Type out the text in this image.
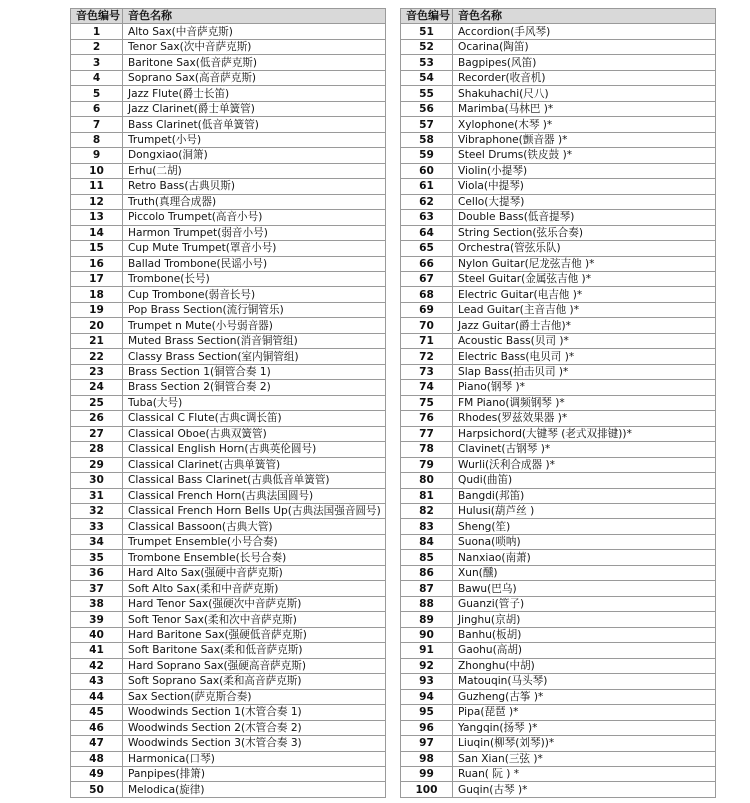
音色编号	音色名称
1	Alto Sax(中音萨克斯)
2	Tenor Sax(次中音萨克斯)
3	Baritone Sax(低音萨克斯)
4	Soprano Sax(高音萨克斯)
5	Jazz Flute(爵士长笛)
6	Jazz Clarinet(爵士单簧管)
7	Bass Clarinet(低音单簧管)
8	Trumpet(小号)
9	Dongxiao(洞箫)
10	Erhu(二胡)
11	Retro Bass(古典贝斯)
12	Truth(真理合成器)
13	Piccolo Trumpet(高音小号)
14	Harmon Trumpet(弱音小号)
15	Cup Mute Trumpet(罩音小号)
16	Ballad Trombone(民谣小号)
17	Trombone(长号)
18	Cup Trombone(弱音长号)
19	Pop Brass Section(流行铜管乐)
20	Trumpet n Mute(小号弱音器)
21	Muted Brass Section(消音铜管组)
22	Classy Brass Section(室内铜管组)
23	Brass Section 1(铜管合奏 1)
24	Brass Section 2(铜管合奏 2)
25	Tuba(大号)
26	Classical C Flute(古典c调长笛)
27	Classical Oboe(古典双簧管)
28	Classical English Horn(古典英伦圆号)
29	Classical Clarinet(古典单簧管)
30	Classical Bass Clarinet(古典低音单簧管)
31	Classical French Horn(古典法国圆号)
32	Classical French Horn Bells Up(古典法国强音圆号)
33	Classical Bassoon(古典大管)
34	Trumpet Ensemble(小号合奏)
35	Trombone Ensemble(长号合奏)
36	Hard Alto Sax(强硬中音萨克斯)
37	Soft Alto Sax(柔和中音萨克斯)
38	Hard Tenor Sax(强硬次中音萨克斯)
39	Soft Tenor Sax(柔和次中音萨克斯)
40	Hard Baritone Sax(强硬低音萨克斯)
41	Soft Baritone Sax(柔和低音萨克斯)
42	Hard Soprano Sax(强硬高音萨克斯)
43	Soft Soprano Sax(柔和高音萨克斯)
44	Sax Section(萨克斯合奏)
45	Woodwinds Section 1(木管合奏 1)
46	Woodwinds Section 2(木管合奏 2)
47	Woodwinds Section 3(木管合奏 3)
48	Harmonica(口琴)
49	Panpipes(排箫)
50	Melodica(旋律)
音色编号	音色名称
51	Accordion(手风琴)
52	Ocarina(陶笛)
53	Bagpipes(风笛)
54	Recorder(收音机)
55	Shakuhachi(尺八)
56	Marimba(马林巴 )*
57	Xylophone(木琴 )*
58	Vibraphone(颤音器 )*
59	Steel Drums(铁皮鼓 )*
60	Violin(小提琴)
61	Viola(中提琴)
62	Cello(大提琴)
63	Double Bass(低音提琴)
64	String Section(弦乐合奏)
65	Orchestra(管弦乐队)
66	Nylon Guitar(尼龙弦吉他 )*
67	Steel Guitar(金属弦吉他 )*
68	Electric Guitar(电吉他 )*
69	Lead Guitar(主音吉他 )*
70	Jazz Guitar(爵士吉他)*
71	Acoustic Bass(贝司 )*
72	Electric Bass(电贝司 )*
73	Slap Bass(拍击贝司 )*
74	Piano(钢琴 )*
75	FM Piano(调频钢琴 )*
76	Rhodes(罗兹效果器 )*
77	Harpsichord(大键琴 (老式双排键))*
78	Clavinet(古钢琴 )*
79	Wurli(沃利合成器 )*
80	Qudi(曲笛)
81	Bangdi(邦笛)
82	Hulusi(葫芦丝 )
83	Sheng(笙)
84	Suona(唢呐)
85	Nanxiao(南萧)
86	Xun(醺)
87	Bawu(巴乌)
88	Guanzi(管子)
89	Jinghu(京胡)
90	Banhu(板胡)
91	Gaohu(高胡)
92	Zhonghu(中胡)
93	Matouqin(马头琴)
94	Guzheng(古筝 )*
95	Pipa(琵琶 )*
96	Yangqin(扬琴 )*
97	Liuqin(柳琴(刘琴))*
98	San Xian(三弦 )*
99	Ruan( 阮 ) *
100	Guqin(古琴 )*
